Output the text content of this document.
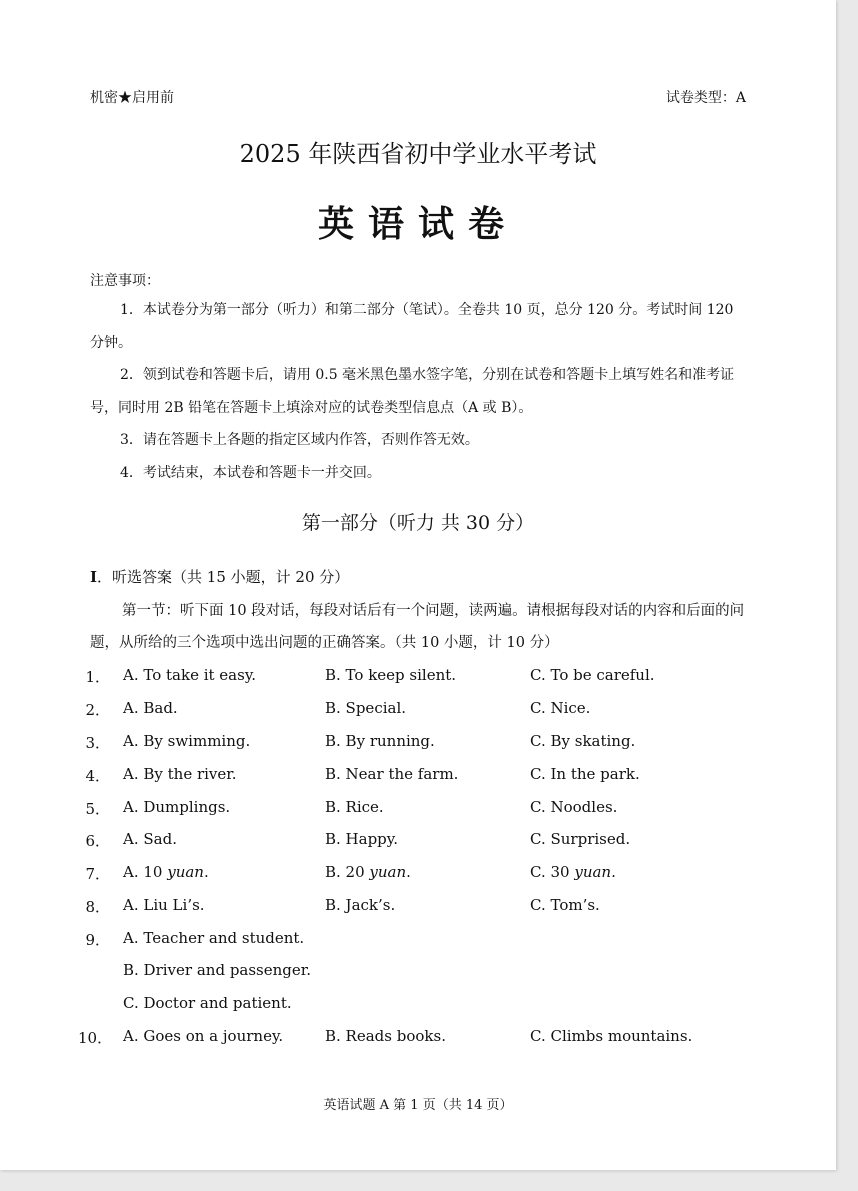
机密★启用前	试卷类型：A
2025 年陕西省初中学业水平考试
英语试卷
注意事项：

1．本试卷分为第一部分（听力）和第二部分（笔试）。全卷共 10 页，总分 120 分。考试时间 120 分钟。

2．领到试卷和答题卡后，请用 0.5 毫米黑色墨水签字笔，分别在试卷和答题卡上填写姓名和准考证号，同时用 2B 铅笔在答题卡上填涂对应的试卷类型信息点（A 或 B）。

3．请在答题卡上各题的指定区域内作答，否则作答无效。

4．考试结束，本试卷和答题卡一并交回。

第一部分（听力 共 30 分）
Ⅰ．听选答案（共 15 小题，计 20 分）

第一节：听下面 10 段对话，每段对话后有一个问题，读两遍。请根据每段对话的内容和后面的问题，从所给的三个选项中选出问题的正确答案。（共 10 小题，计 10 分）

1． A. To take it easy.	B. To keep silent.	C. To be careful.
2． A. Bad.	B. Special.	C. Nice.
3． A. By swimming.	B. By running.	C. By skating.
4． A. By the river.	B. Near the farm.	C. In the park.
5． A. Dumplings.	B. Rice.	C. Noodles.
6． A. Sad.	B. Happy.	C. Surprised.
7． A. 10 yuan.	B. 20 yuan.	C. 30 yuan.
8． A. Liu Li’s.	B. Jack’s.	C. Tom’s.
9． A. Teacher and student.
B. Driver and passenger.
C. Doctor and patient.
10． A. Goes on a journey.	B. Reads books.	C. Climbs mountains.
英语试题 A 第 1 页（共 14 页）
